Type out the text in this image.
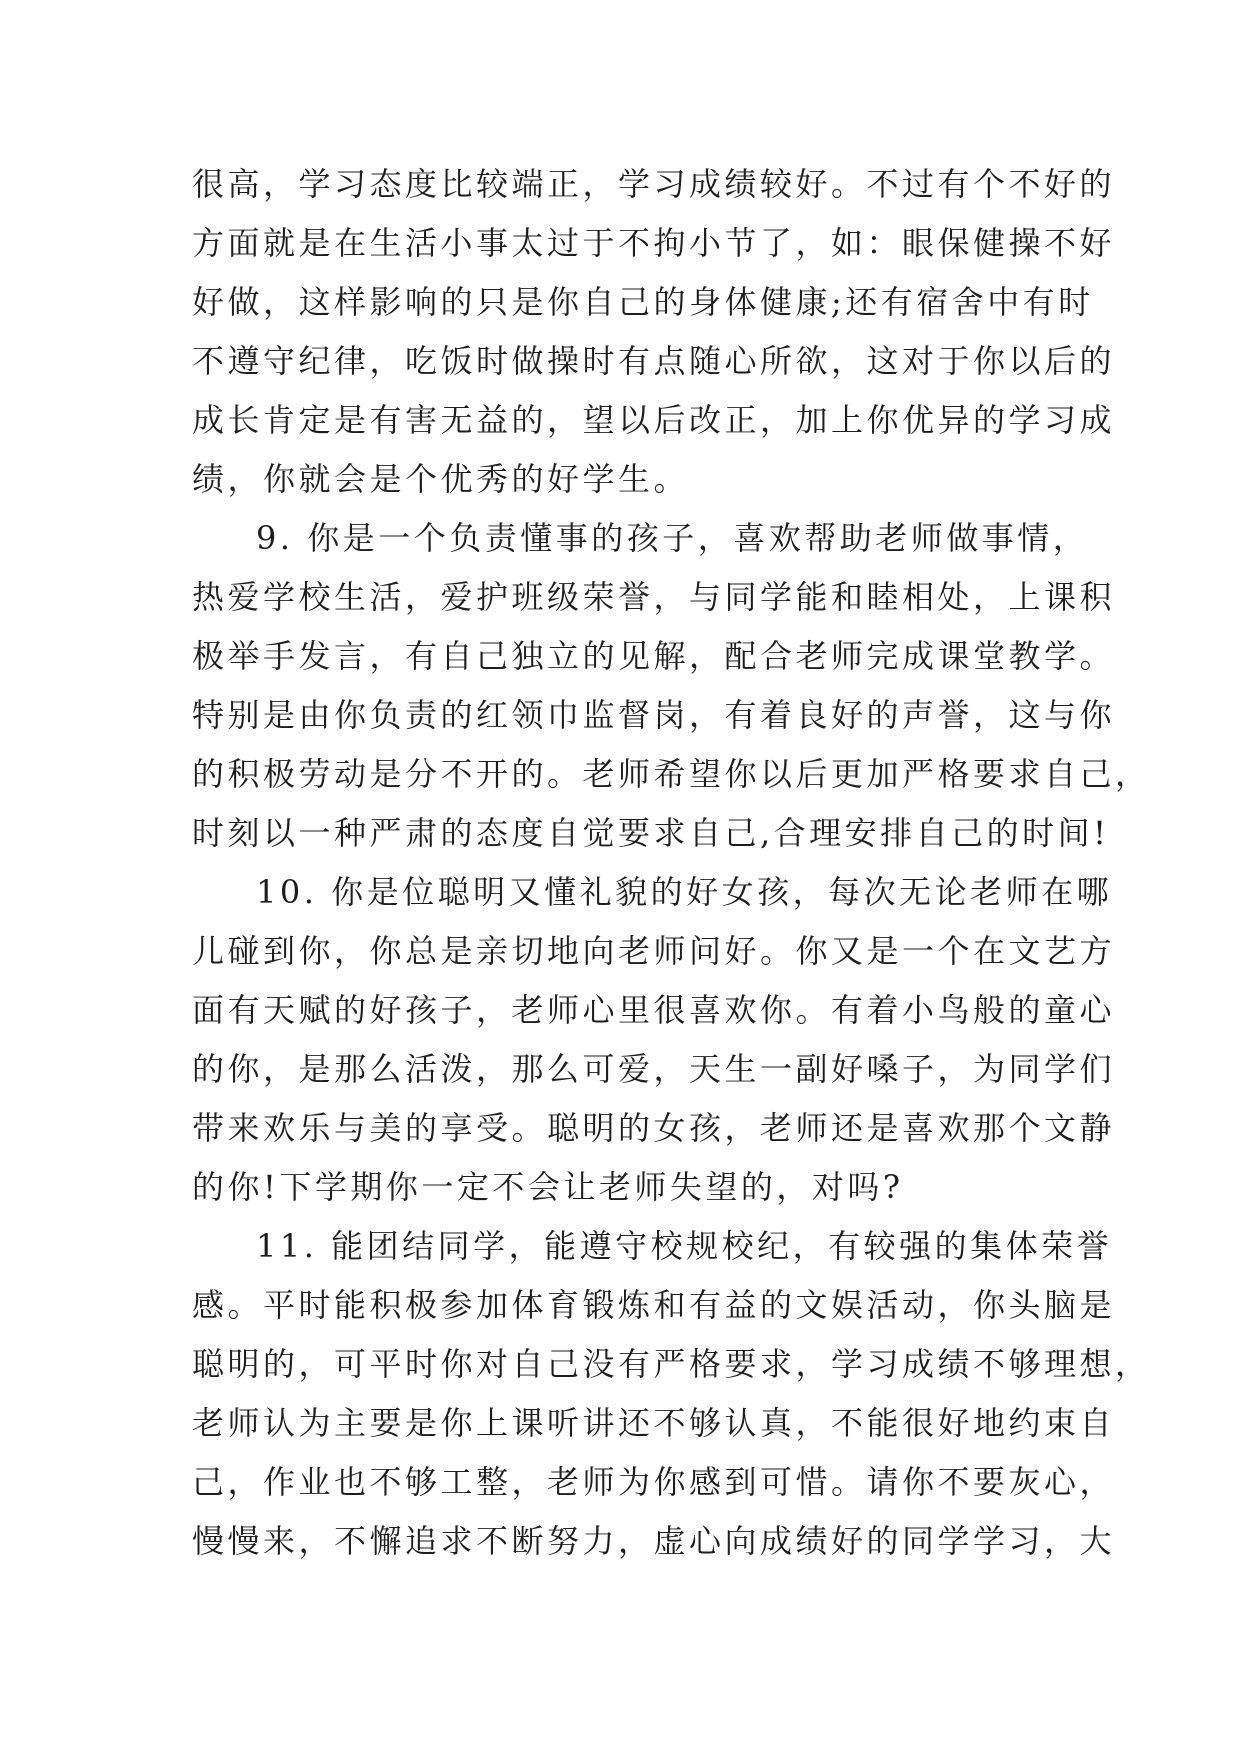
很高，学习态度比较端正，学习成绩较好。不过有个不好的
方面就是在生活小事太过于不拘小节了，如：眼保健操不好
好做，这样影响的只是你自己的身体健康;还有宿舍中有时
不遵守纪律，吃饭时做操时有点随心所欲，这对于你以后的
成长肯定是有害无益的，望以后改正，加上你优异的学习成
绩，你就会是个优秀的好学生。
9. 你是一个负责懂事的孩子，喜欢帮助老师做事情，
热爱学校生活，爱护班级荣誉，与同学能和睦相处，上课积
极举手发言，有自己独立的见解，配合老师完成课堂教学。
特别是由你负责的红领巾监督岗，有着良好的声誉，这与你
的积极劳动是分不开的。老师希望你以后更加严格要求自己，
时刻以一种严肃的态度自觉要求自己,合理安排自己的时间!
10. 你是位聪明又懂礼貌的好女孩，每次无论老师在哪
儿碰到你，你总是亲切地向老师问好。你又是一个在文艺方
面有天赋的好孩子，老师心里很喜欢你。有着小鸟般的童心
的你，是那么活泼，那么可爱，天生一副好嗓子，为同学们
带来欢乐与美的享受。聪明的女孩，老师还是喜欢那个文静
的你!下学期你一定不会让老师失望的，对吗?
11. 能团结同学，能遵守校规校纪，有较强的集体荣誉
感。平时能积极参加体育锻炼和有益的文娱活动，你头脑是
聪明的，可平时你对自己没有严格要求，学习成绩不够理想，
老师认为主要是你上课听讲还不够认真，不能很好地约束自
己，作业也不够工整，老师为你感到可惜。请你不要灰心，
慢慢来，不懈追求不断努力，虚心向成绩好的同学学习，大
